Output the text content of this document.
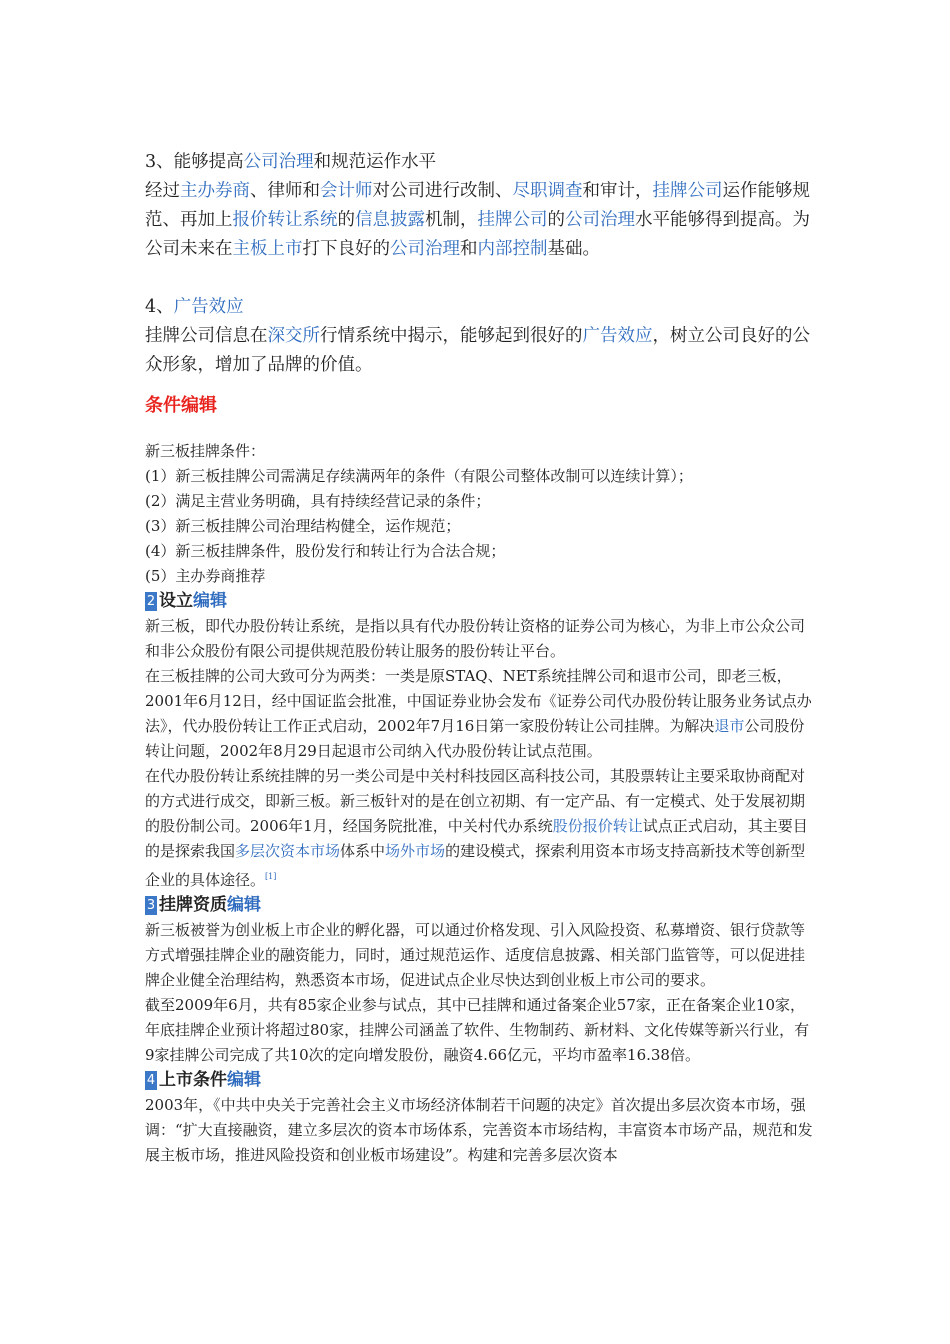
3、能够提高公司治理和规范运作水平

经过主办券商、律师和会计师对公司进行改制、尽职调查和审计，挂牌公司运作能够规范、再加上报价转让系统的信息披露机制，挂牌公司的公司治理水平能够得到提高。为公司未来在主板上市打下良好的公司治理和内部控制基础。

4、广告效应

挂牌公司信息在深交所行情系统中揭示，能够起到很好的广告效应，树立公司良好的公众形象，增加了品牌的价值。

条件编辑

新三板挂牌条件：

(1）新三板挂牌公司需满足存续满两年的条件（有限公司整体改制可以连续计算）；

(2）满足主营业务明确，具有持续经营记录的条件；

(3）新三板挂牌公司治理结构健全，运作规范；

(4）新三板挂牌条件，股份发行和转让行为合法合规；

(5）主办券商推荐

2 设立编辑

新三板，即代办股份转让系统，是指以具有代办股份转让资格的证券公司为核心，为非上市公众公司和非公众股份有限公司提供规范股份转让服务的股份转让平台。

在三板挂牌的公司大致可分为两类：一类是原STAQ、NET系统挂牌公司和退市公司，即老三板，2001年6月12日，经中国证监会批准，中国证券业协会发布《证券公司代办股份转让服务业务试点办法》，代办股份转让工作正式启动，2002年7月16日第一家股份转让公司挂牌。为解决退市公司股份转让问题，2002年8月29日起退市公司纳入代办股份转让试点范围。

在代办股份转让系统挂牌的另一类公司是中关村科技园区高科技公司，其股票转让主要采取协商配对的方式进行成交，即新三板。新三板针对的是在创立初期、有一定产品、有一定模式、处于发展初期的股份制公司。2006年1月，经国务院批准，中关村代办系统股份报价转让试点正式启动，其主要目的是探索我国多层次资本市场体系中场外市场的建设模式，探索利用资本市场支持高新技术等创新型企业的具体途径。[1]

3 挂牌资质编辑

新三板被誉为创业板上市企业的孵化器，可以通过价格发现、引入风险投资、私募增资、银行贷款等方式增强挂牌企业的融资能力，同时，通过规范运作、适度信息披露、相关部门监管等，可以促进挂牌企业健全治理结构，熟悉资本市场，促进试点企业尽快达到创业板上市公司的要求。

截至2009年6月，共有85家企业参与试点，其中已挂牌和通过备案企业57家，正在备案企业10家，年底挂牌企业预计将超过80家，挂牌公司涵盖了软件、生物制药、新材料、文化传媒等新兴行业，有9家挂牌公司完成了共10次的定向增发股份，融资4.66亿元，平均市盈率16.38倍。

4 上市条件编辑

2003年，《中共中央关于完善社会主义市场经济体制若干问题的决定》首次提出多层次资本市场，强调：“扩大直接融资，建立多层次的资本市场体系，完善资本市场结构，丰富资本市场产品，规范和发展主板市场，推进风险投资和创业板市场建设”。构建和完善多层次资本
